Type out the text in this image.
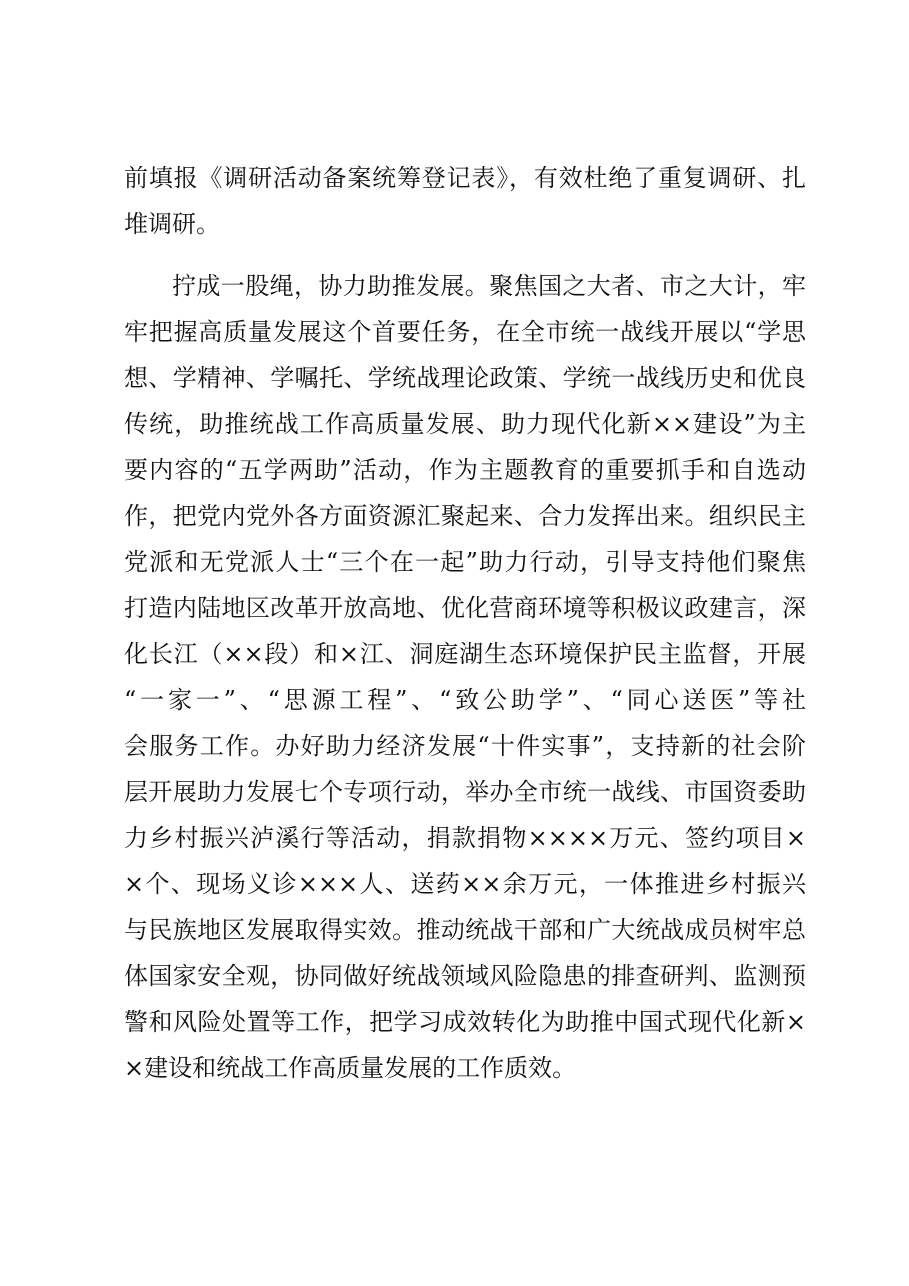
前填报《调研活动备案统筹登记表》，有效杜绝了重复调研、扎
堆调研。
拧成一股绳，协力助推发展。聚焦国之大者、市之大计，牢
牢把握高质量发展这个首要任务，在全市统一战线开展以“学思
想、学精神、学嘱托、学统战理论政策、学统一战线历史和优良
传统，助推统战工作高质量发展、助力现代化新××建设”为主
要内容的“五学两助”活动，作为主题教育的重要抓手和自选动
作，把党内党外各方面资源汇聚起来、合力发挥出来。组织民主
党派和无党派人士“三个在一起”助力行动，引导支持他们聚焦
打造内陆地区改革开放高地、优化营商环境等积极议政建言，深
化长江（××段）和×江、洞庭湖生态环境保护民主监督，开展
“一家一”、“思源工程”、“致公助学”、“同心送医”等社
会服务工作。办好助力经济发展“十件实事”，支持新的社会阶
层开展助力发展七个专项行动，举办全市统一战线、市国资委助
力乡村振兴泸溪行等活动，捐款捐物××××万元、签约项目×
×个、现场义诊×××人、送药××余万元，一体推进乡村振兴
与民族地区发展取得实效。推动统战干部和广大统战成员树牢总
体国家安全观，协同做好统战领域风险隐患的排查研判、监测预
警和风险处置等工作，把学习成效转化为助推中国式现代化新×
×建设和统战工作高质量发展的工作质效。
